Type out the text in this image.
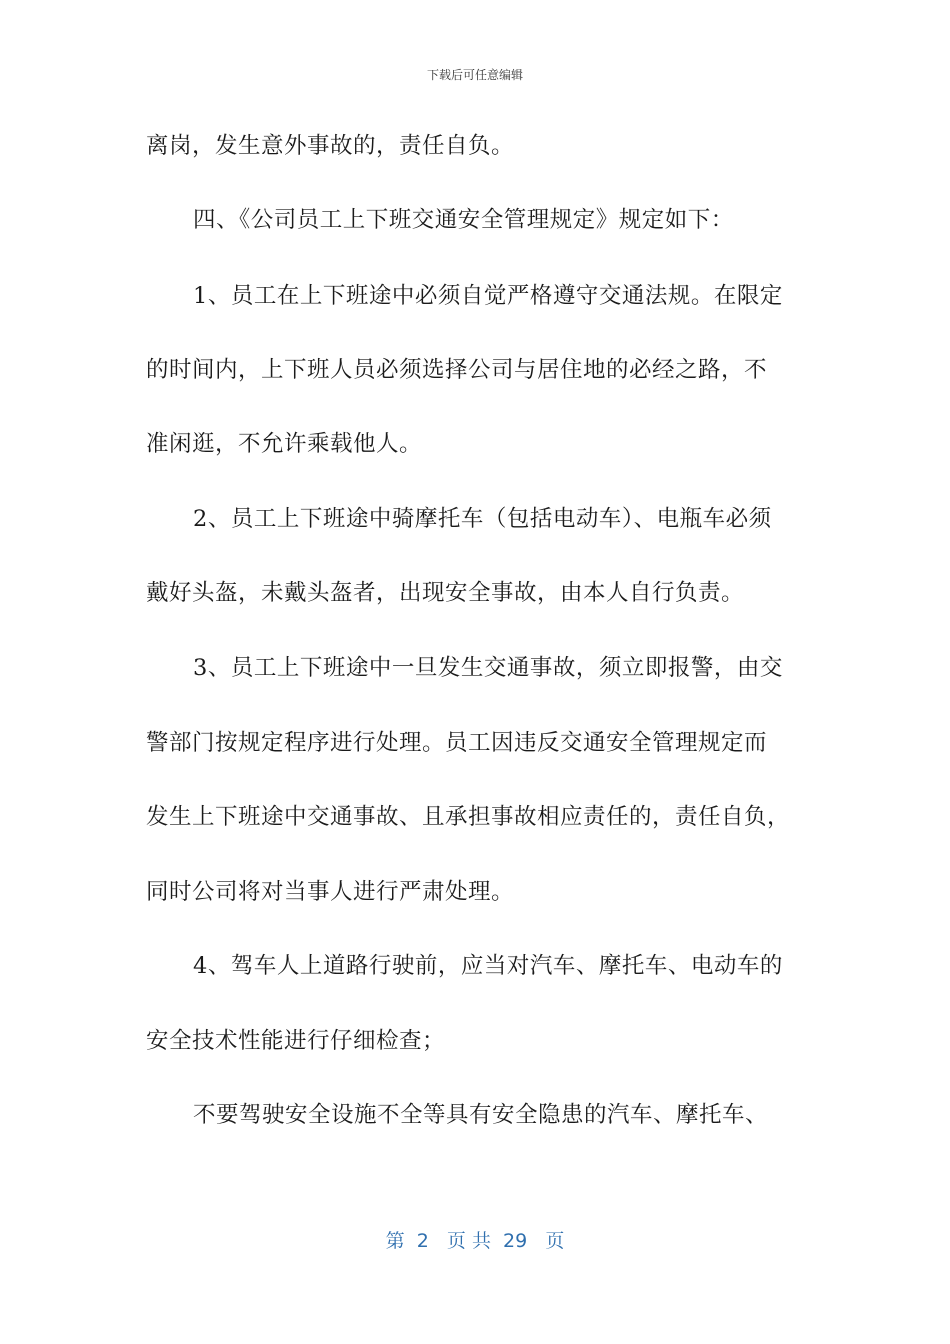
下载后可任意编辑
离岗，发生意外事故的，责任自负。
四、《公司员工上下班交通安全管理规定》规定如下：
1、员工在上下班途中必须自觉严格遵守交通法规。在限定
的时间内，上下班人员必须选择公司与居住地的必经之路，不
准闲逛，不允许乘载他人。
2、员工上下班途中骑摩托车（包括电动车）、电瓶车必须
戴好头盔，未戴头盔者，出现安全事故，由本人自行负责。
3、员工上下班途中一旦发生交通事故，须立即报警，由交
警部门按规定程序进行处理。员工因违反交通安全管理规定而
发生上下班途中交通事故、且承担事故相应责任的，责任自负，
同时公司将对当事人进行严肃处理。
4、驾车人上道路行驶前，应当对汽车、摩托车、电动车的
安全技术性能进行仔细检查；
不要驾驶安全设施不全等具有安全隐患的汽车、摩托车、
第  2   页 共  29   页
